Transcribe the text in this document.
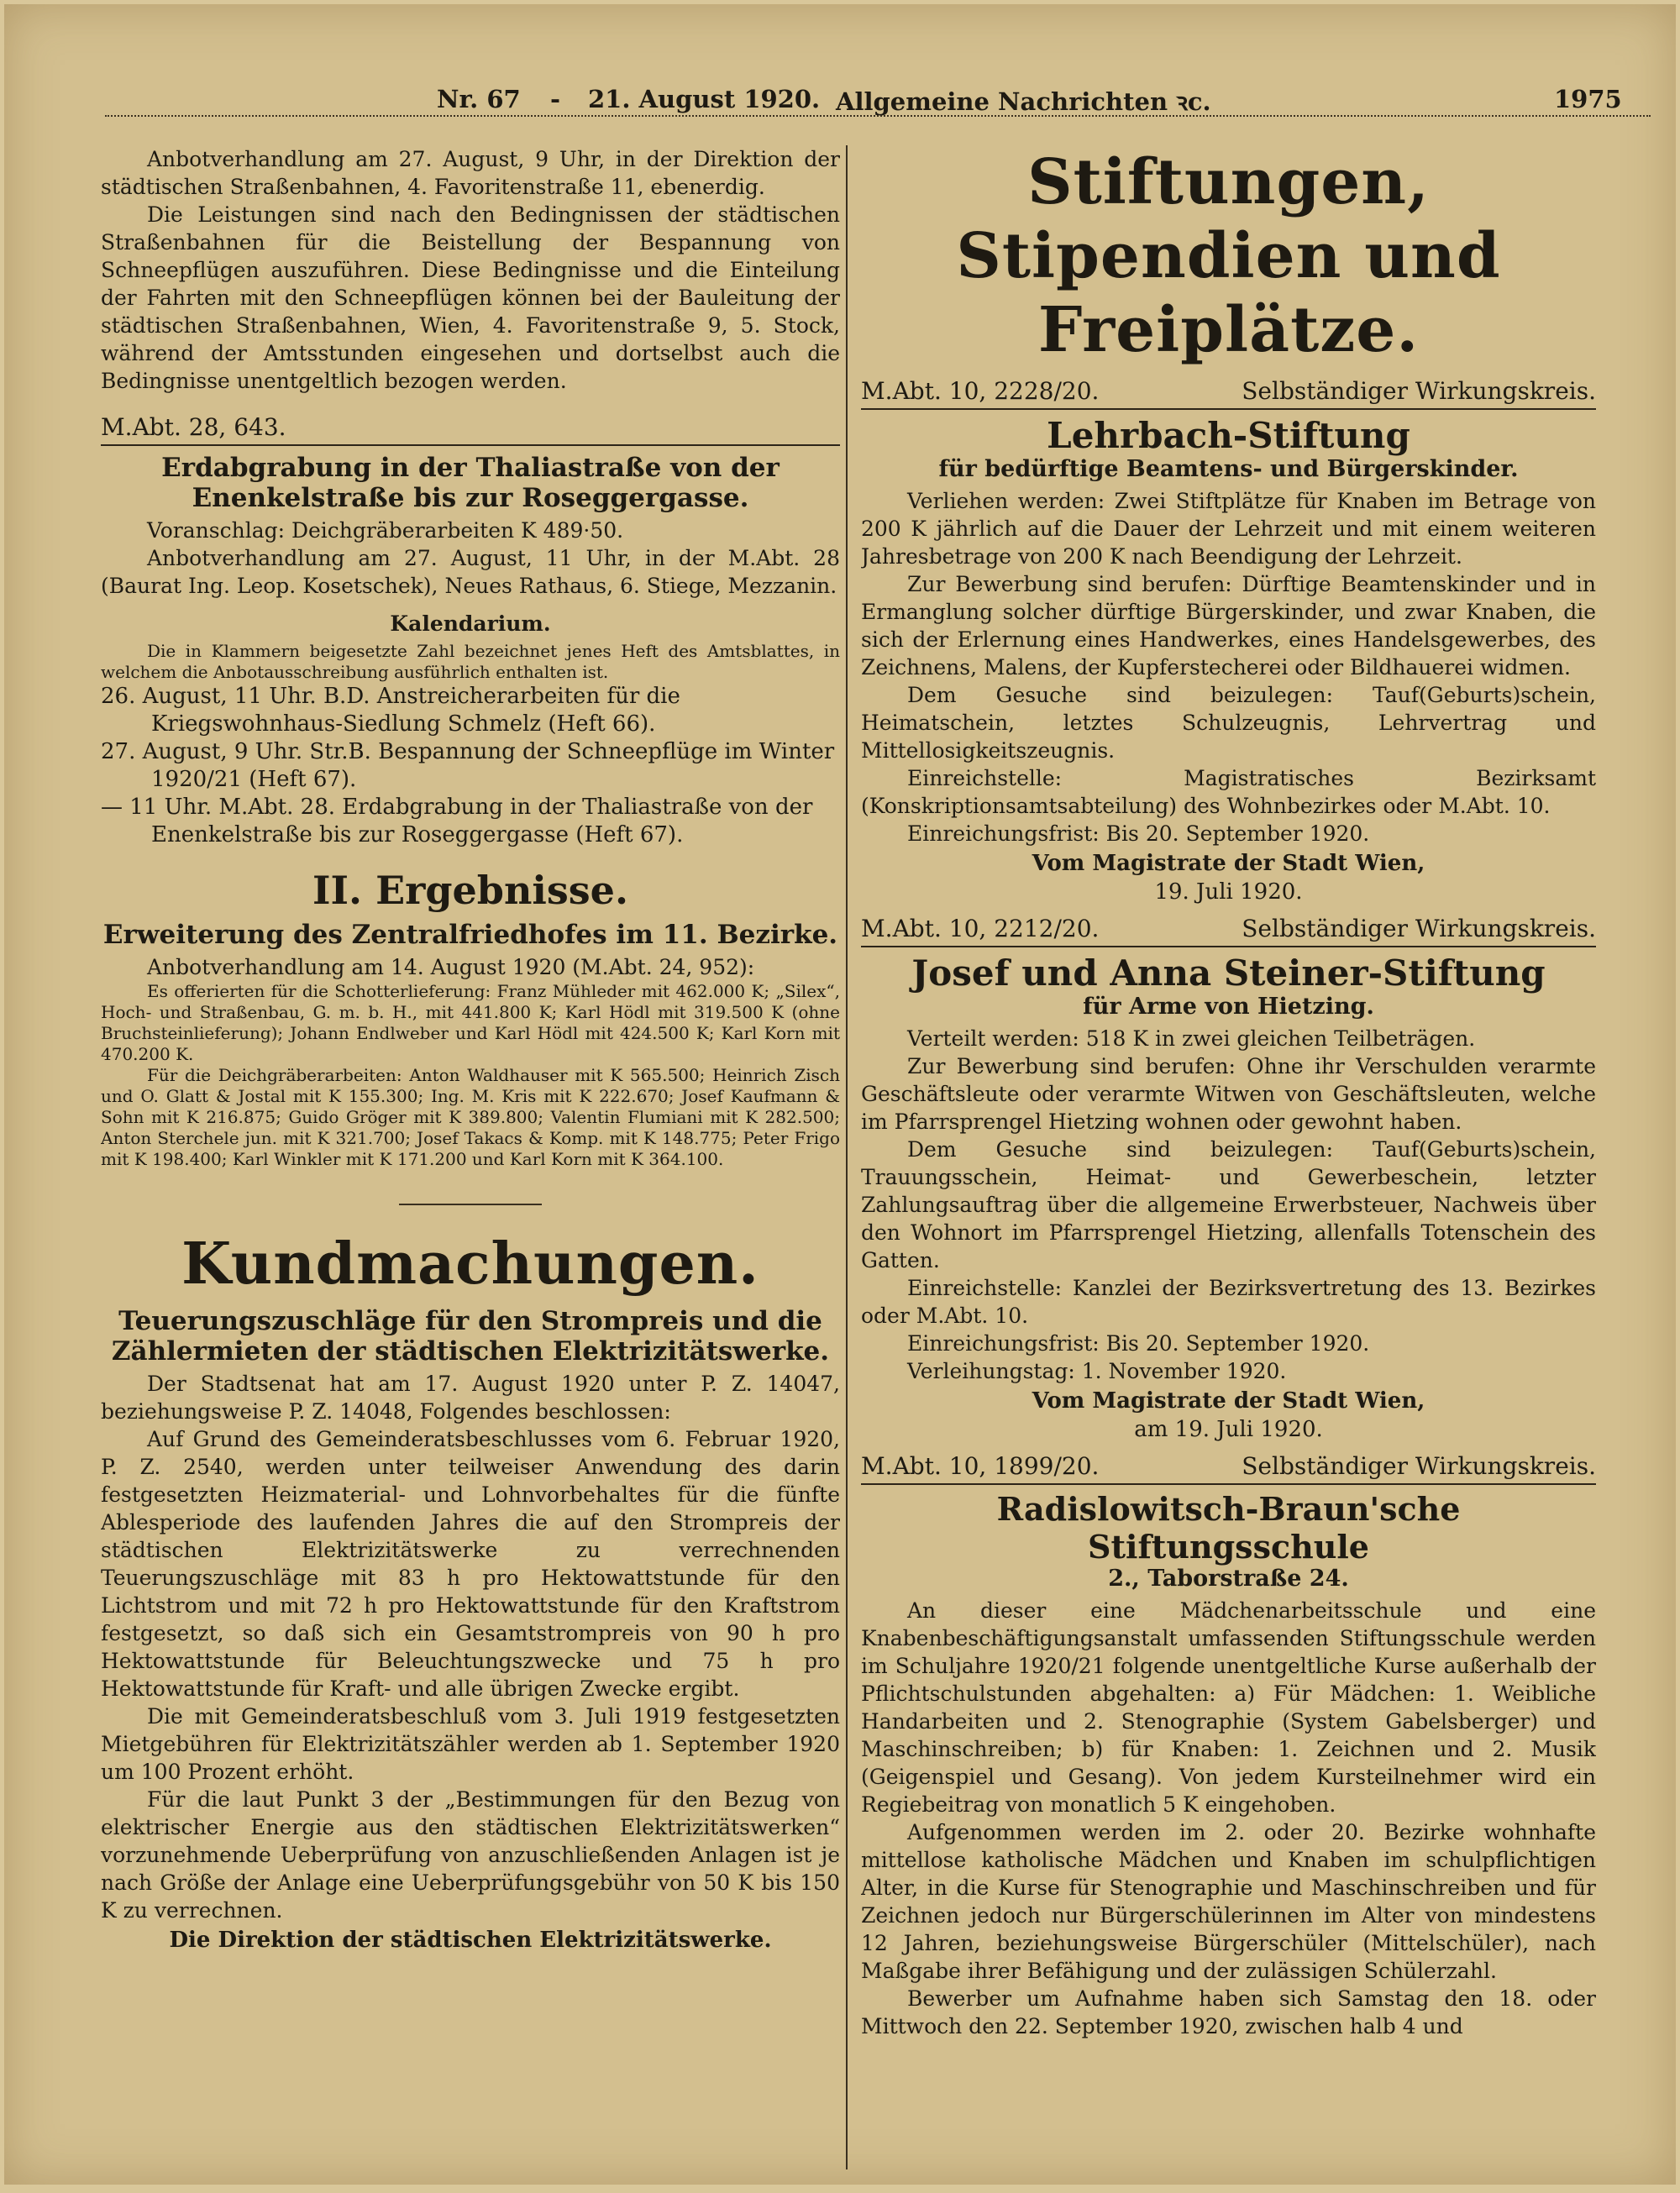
Nr. 67 - 21. August 1920. Allgemeine Nachrichten ꝛc.	1975

Anbotverhandlung am 27. August, 9 Uhr, in der Direktion der städtischen Straßenbahnen, 4. Favoritenstraße 11, ebenerdig.

Die Leistungen sind nach den Bedingnissen der städtischen Straßenbahnen für die Beistellung der Bespannung von Schneepflügen auszuführen. Diese Bedingnisse und die Einteilung der Fahrten mit den Schneepflügen können bei der Bauleitung der städtischen Straßenbahnen, Wien, 4. Favoritenstraße 9, 5. Stock, während der Amtsstunden eingesehen und dortselbst auch die Bedingnisse unentgeltlich bezogen werden.

M.Abt. 28, 643.
Erdabgrabung in der Thaliastraße von der Enenkelstraße bis zur Roseggergasse.

Voranschlag: Deichgräberarbeiten K 489·50.

Anbotverhandlung am 27. August, 11 Uhr, in der M.Abt. 28 (Baurat Ing. Leop. Kosetschek), Neues Rathaus, 6. Stiege, Mezzanin.

Kalendarium.

Die in Klammern beigesetzte Zahl bezeichnet jenes Heft des Amtsblattes, in welchem die Anbotausschreibung ausführlich enthalten ist.

26. August, 11 Uhr. B.D. Anstreicherarbeiten für die Kriegswohnhaus-Siedlung Schmelz (Heft 66).
27. August, 9 Uhr. Str.B. Bespannung der Schneepflüge im Winter 1920/21 (Heft 67).
— 11 Uhr. M.Abt. 28. Erdabgrabung in der Thaliastraße von der Enenkelstraße bis zur Roseggergasse (Heft 67).
II. Ergebnisse.
Erweiterung des Zentralfriedhofes im 11. Bezirke.

Anbotverhandlung am 14. August 1920 (M.Abt. 24, 952):

Es offerierten für die Schotterlieferung: Franz Mühleder mit 462.000 K; „Silex“, Hoch- und Straßenbau, G. m. b. H., mit 441.800 K; Karl Hödl mit 319.500 K (ohne Bruchsteinlieferung); Johann Endlweber und Karl Hödl mit 424.500 K; Karl Korn mit 470.200 K.

Für die Deichgräberarbeiten: Anton Waldhauser mit K 565.500; Heinrich Zisch und O. Glatt & Jostal mit K 155.300; Ing. M. Kris mit K 222.670; Josef Kaufmann & Sohn mit K 216.875; Guido Gröger mit K 389.800; Valentin Flumiani mit K 282.500; Anton Sterchele jun. mit K 321.700; Josef Takacs & Komp. mit K 148.775; Peter Frigo mit K 198.400; Karl Winkler mit K 171.200 und Karl Korn mit K 364.100.

Kundmachungen.
Teuerungszuschläge für den Strompreis und die Zählermieten der städtischen Elektrizitätswerke.

Der Stadtsenat hat am 17. August 1920 unter P. Z. 14047, beziehungsweise P. Z. 14048, Folgendes beschlossen:

Auf Grund des Gemeinderatsbeschlusses vom 6. Februar 1920, P. Z. 2540, werden unter teilweiser Anwendung des darin festgesetzten Heizmaterial- und Lohnvorbehaltes für die fünfte Ablesperiode des laufenden Jahres die auf den Strompreis der städtischen Elektrizitätswerke zu verrechnenden Teuerungszuschläge mit 83 h pro Hektowattstunde für den Lichtstrom und mit 72 h pro Hektowattstunde für den Kraftstrom festgesetzt, so daß sich ein Gesamtstrompreis von 90 h pro Hektowattstunde für Beleuchtungszwecke und 75 h pro Hektowattstunde für Kraft- und alle übrigen Zwecke ergibt.

Die mit Gemeinderatsbeschluß vom 3. Juli 1919 festgesetzten Mietgebühren für Elektrizitätszähler werden ab 1. September 1920 um 100 Prozent erhöht.

Für die laut Punkt 3 der „Bestimmungen für den Bezug von elektrischer Energie aus den städtischen Elektrizitätswerken“ vorzunehmende Ueberprüfung von anzuschließenden Anlagen ist je nach Größe der Anlage eine Ueberprüfungsgebühr von 50 K bis 150 K zu verrechnen.

Die Direktion der städtischen Elektrizitätswerke.
Stiftungen, Stipendien und Freiplätze.
M.Abt. 10, 2228/20.	Selbständiger Wirkungskreis.
Lehrbach-Stiftung
für bedürftige Beamtens- und Bürgerskinder.

Verliehen werden: Zwei Stiftplätze für Knaben im Betrage von 200 K jährlich auf die Dauer der Lehrzeit und mit einem weiteren Jahresbetrage von 200 K nach Beendigung der Lehrzeit.

Zur Bewerbung sind berufen: Dürftige Beamtenskinder und in Ermanglung solcher dürftige Bürgerskinder, und zwar Knaben, die sich der Erlernung eines Handwerkes, eines Handelsgewerbes, des Zeichnens, Malens, der Kupferstecherei oder Bildhauerei widmen.

Dem Gesuche sind beizulegen: Tauf(Geburts)schein, Heimatschein, letztes Schulzeugnis, Lehrvertrag und Mittellosigkeitszeugnis.

Einreichstelle: Magistratisches Bezirksamt (Konskriptionsamtsabteilung) des Wohnbezirkes oder M.Abt. 10.

Einreichungsfrist: Bis 20. September 1920.

Vom Magistrate der Stadt Wien,
19. Juli 1920.
M.Abt. 10, 2212/20.	Selbständiger Wirkungskreis.
Josef und Anna Steiner-Stiftung
für Arme von Hietzing.

Verteilt werden: 518 K in zwei gleichen Teilbeträgen.

Zur Bewerbung sind berufen: Ohne ihr Verschulden verarmte Geschäftsleute oder verarmte Witwen von Geschäftsleuten, welche im Pfarrsprengel Hietzing wohnen oder gewohnt haben.

Dem Gesuche sind beizulegen: Tauf(Geburts)schein, Trauungsschein, Heimat- und Gewerbeschein, letzter Zahlungsauftrag über die allgemeine Erwerbsteuer, Nachweis über den Wohnort im Pfarrsprengel Hietzing, allenfalls Totenschein des Gatten.

Einreichstelle: Kanzlei der Bezirksvertretung des 13. Bezirkes oder M.Abt. 10.

Einreichungsfrist: Bis 20. September 1920.

Verleihungstag: 1. November 1920.

Vom Magistrate der Stadt Wien,
am 19. Juli 1920.
M.Abt. 10, 1899/20.	Selbständiger Wirkungskreis.
Radislowitsch-Braun'sche Stiftungsschule
2., Taborstraße 24.

An dieser eine Mädchenarbeitsschule und eine Knabenbeschäftigungsanstalt umfassenden Stiftungsschule werden im Schuljahre 1920/21 folgende unentgeltliche Kurse außerhalb der Pflichtschulstunden abgehalten: a) Für Mädchen: 1. Weibliche Handarbeiten und 2. Stenographie (System Gabelsberger) und Maschinschreiben; b) für Knaben: 1. Zeichnen und 2. Musik (Geigenspiel und Gesang). Von jedem Kursteilnehmer wird ein Regiebeitrag von monatlich 5 K eingehoben.

Aufgenommen werden im 2. oder 20. Bezirke wohnhafte mittellose katholische Mädchen und Knaben im schulpflichtigen Alter, in die Kurse für Stenographie und Maschinschreiben und für Zeichnen jedoch nur Bürgerschülerinnen im Alter von mindestens 12 Jahren, beziehungsweise Bürgerschüler (Mittelschüler), nach Maßgabe ihrer Befähigung und der zulässigen Schülerzahl.

Bewerber um Aufnahme haben sich Samstag den 18. oder Mittwoch den 22. September 1920, zwischen halb 4 und
